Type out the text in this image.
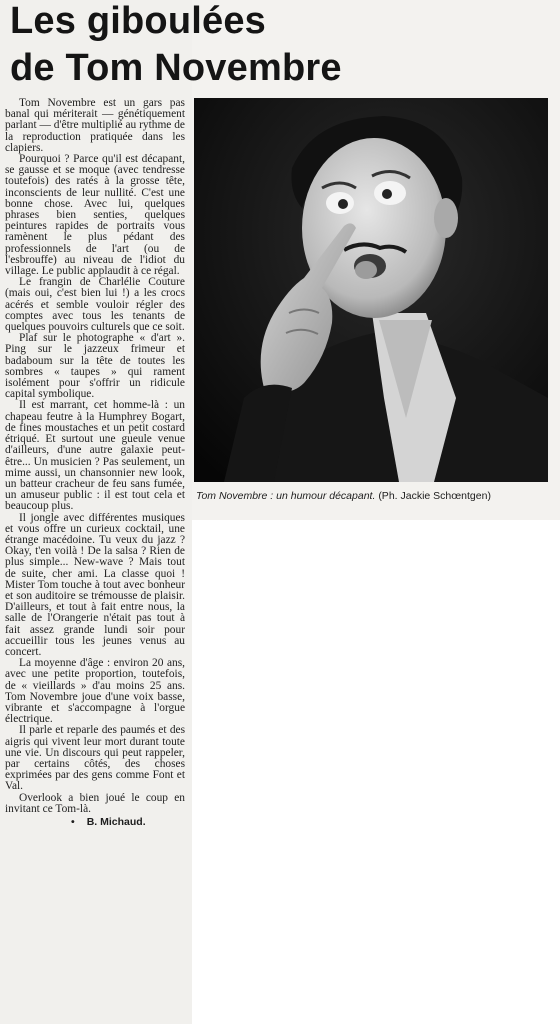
Les giboulées
de Tom Novembre

Tom Novembre est un gars pas banal qui mériterait — génétiquement parlant — d'être multiplié au rythme de la reproduction pratiquée dans les clapiers.

Pourquoi ? Parce qu'il est décapant, se gausse et se moque (avec tendresse toutefois) des ratés à la grosse tête, inconscients de leur nullité. C'est une bonne chose. Avec lui, quelques phrases bien senties, quelques peintures rapides de portraits vous ramènent le plus pédant des professionnels de l'art (ou de l'esbrouffe) au niveau de l'idiot du village. Le public applaudit à ce régal.

Le frangin de Charlélie Couture (mais oui, c'est bien lui !) a les crocs acérés et semble vouloir régler des comptes avec tous les tenants de quelques pouvoirs culturels que ce soit.

Plaf sur le photographe « d'art ». Ping sur le jazzeux frimeur et badaboum sur la tête de toutes les sombres « taupes » qui rament isolément pour s'offrir un ridicule capital symbolique.

Il est marrant, cet homme-là : un chapeau feutre à la Humphrey Bogart, de fines moustaches et un petit costard étriqué. Et surtout une gueule venue d'ailleurs, d'une autre galaxie peut-être... Un musicien ? Pas seulement, un mime aussi, un chansonnier new look, un batteur cracheur de feu sans fumée, un amuseur public : il est tout cela et beaucoup plus.

Il jongle avec différentes musiques et vous offre un curieux cocktail, une étrange macédoine. Tu veux du jazz ? Okay, t'en voilà ! De la salsa ? Rien de plus simple... New-wave ? Mais tout de suite, cher ami. La classe quoi ! Mister Tom touche à tout avec bonheur et son auditoire se trémousse de plaisir. D'ailleurs, et tout à fait entre nous, la salle de l'Orangerie n'était pas tout à fait assez grande lundi soir pour accueillir tous les jeunes venus au concert.

La moyenne d'âge : environ 20 ans, avec une petite proportion, toutefois, de « vieillards » d'au moins 25 ans. Tom Novembre joue d'une voix basse, vibrante et s'accompagne à l'orgue électrique.

Il parle et reparle des paumés et des aigris qui vivent leur mort durant toute une vie. Un discours qui peut rappeler, par certains côtés, des choses exprimées par des gens comme Font et Val.

Overlook a bien joué le coup en invitant ce Tom-là.

• B. Michaud.
Tom Novembre : un humour décapant. (Ph. Jackie Schœntgen)
